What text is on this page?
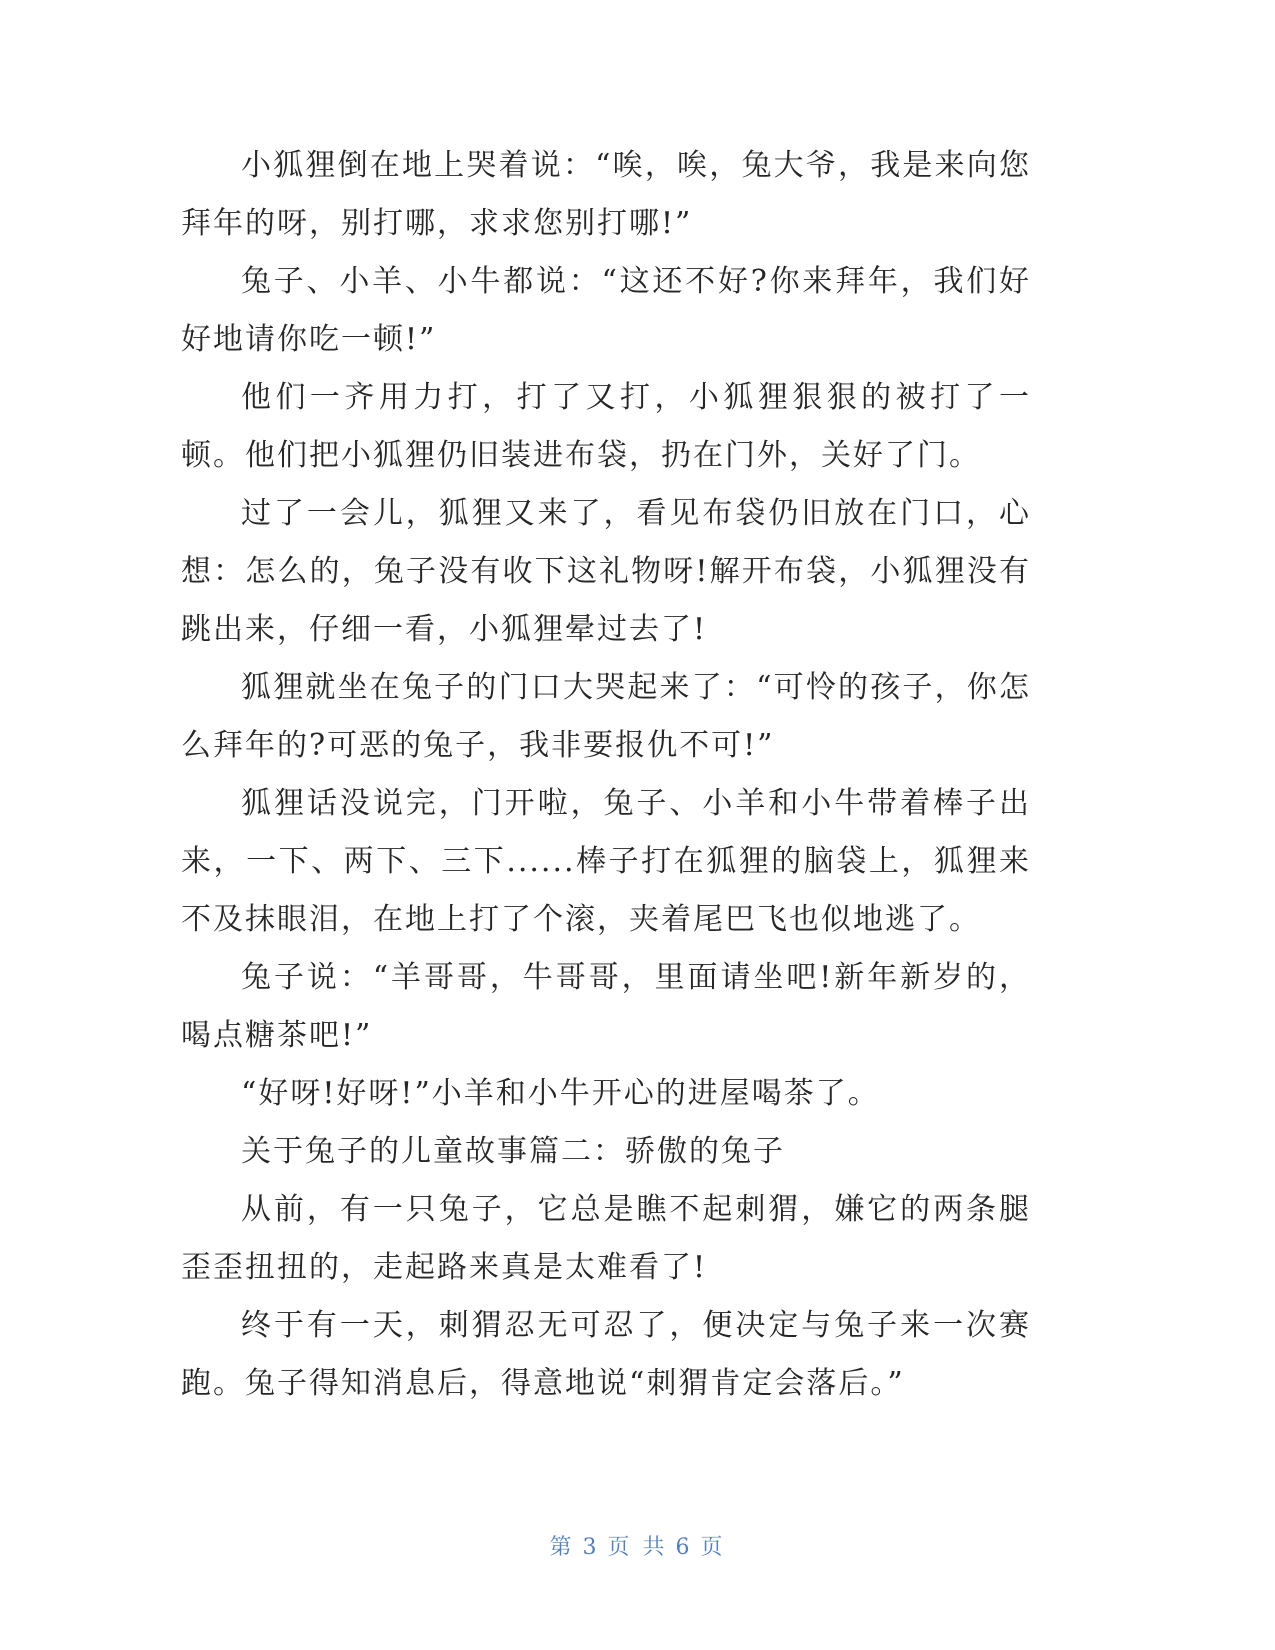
小狐狸倒在地上哭着说：“唉，唉，兔大爷，我是来向您拜年的呀，别打哪，求求您别打哪!”

兔子、小羊、小牛都说：“这还不好?你来拜年，我们好好地请你吃一顿!”

他们一齐用力打，打了又打，小狐狸狠狠的被打了一顿。他们把小狐狸仍旧装进布袋，扔在门外，关好了门。

过了一会儿，狐狸又来了，看见布袋仍旧放在门口，心想：怎么的，兔子没有收下这礼物呀!解开布袋，小狐狸没有跳出来，仔细一看，小狐狸晕过去了!

狐狸就坐在兔子的门口大哭起来了：“可怜的孩子，你怎么拜年的?可恶的兔子，我非要报仇不可!”

狐狸话没说完，门开啦，兔子、小羊和小牛带着棒子出来，一下、两下、三下......棒子打在狐狸的脑袋上，狐狸来不及抹眼泪，在地上打了个滚，夹着尾巴飞也似地逃了。

兔子说：“羊哥哥，牛哥哥，里面请坐吧!新年新岁的，喝点糖茶吧!”

“好呀!好呀!”小羊和小牛开心的进屋喝茶了。

关于兔子的儿童故事篇二：骄傲的兔子

从前，有一只兔子，它总是瞧不起刺猬，嫌它的两条腿歪歪扭扭的，走起路来真是太难看了!

终于有一天，刺猬忍无可忍了，便决定与兔子来一次赛跑。兔子得知消息后，得意地说“刺猬肯定会落后。”

第 3 页 共 6 页
